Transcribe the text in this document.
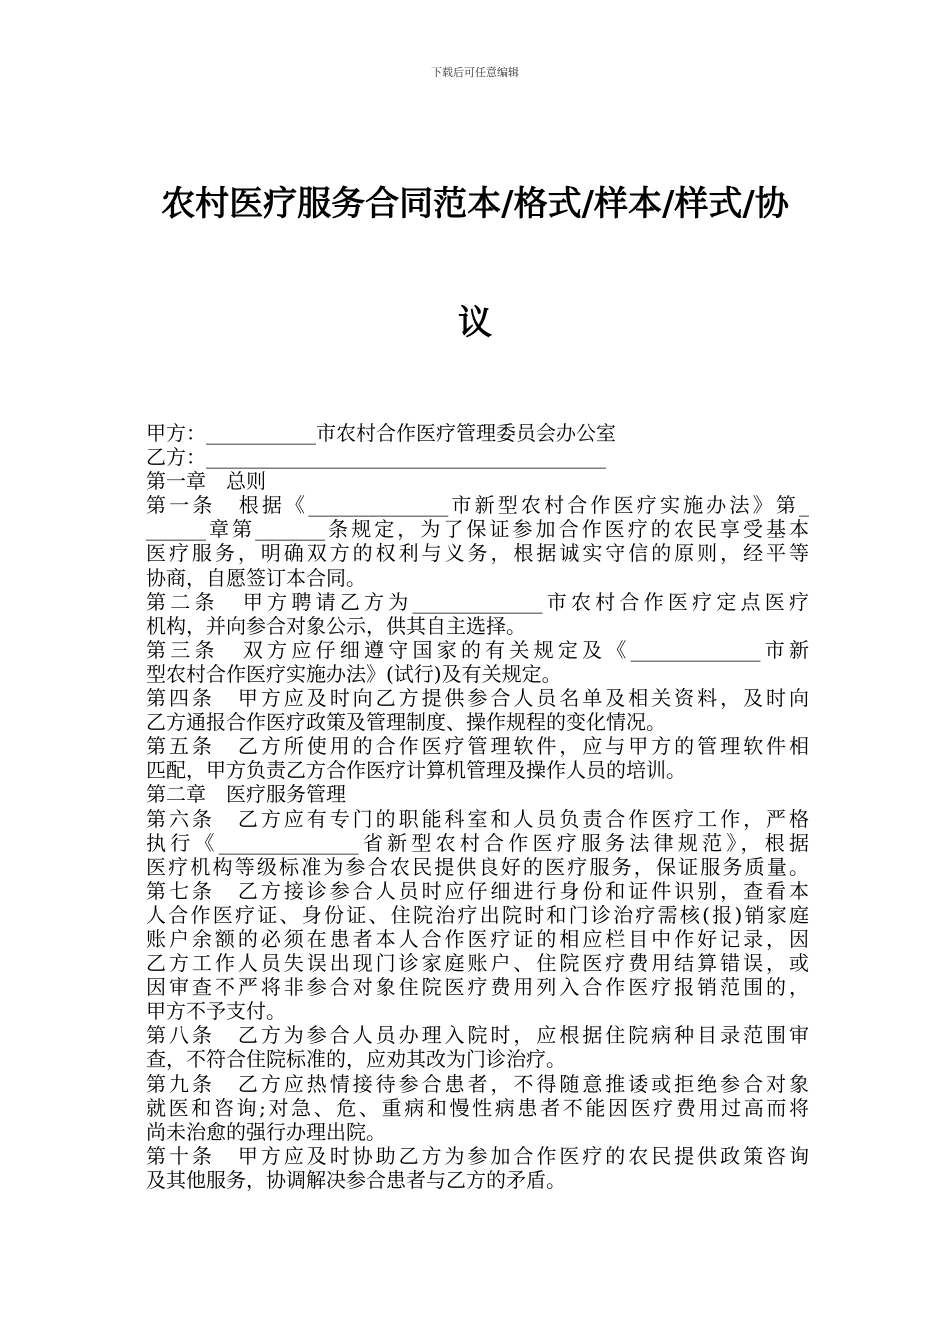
下载后可任意编辑
农村医疗服务合同范本/格式/样本/样式/协
议
甲方：___________市农村合作医疗管理委员会办公室
乙方：________________________________________
第一章　总则
第一条　根据《______________市新型农村合作医疗实施办法》第_
______章第_______条规定，为了保证参加合作医疗的农民享受基本
医疗服务，明确双方的权利与义务，根据诚实守信的原则，经平等
协商，自愿签订本合同。
第二条　甲方聘请乙方为_____________市农村合作医疗定点医疗
机构，并向参合对象公示，供其自主选择。
第三条　双方应仔细遵守国家的有关规定及《_____________市新
型农村合作医疗实施办法》(试行)及有关规定。
第四条　甲方应及时向乙方提供参合人员名单及相关资料，及时向
乙方通报合作医疗政策及管理制度、操作规程的变化情况。
第五条　乙方所使用的合作医疗管理软件，应与甲方的管理软件相
匹配，甲方负责乙方合作医疗计算机管理及操作人员的培训。
第二章　医疗服务管理
第六条　乙方应有专门的职能科室和人员负责合作医疗工作，严格
执行《______________省新型农村合作医疗服务法律规范》，根据
医疗机构等级标准为参合农民提供良好的医疗服务，保证服务质量。
第七条　乙方接诊参合人员时应仔细进行身份和证件识别，查看本
人合作医疗证、身份证、住院治疗出院时和门诊治疗需核(报)销家庭
账户余额的必须在患者本人合作医疗证的相应栏目中作好记录，因
乙方工作人员失误出现门诊家庭账户、住院医疗费用结算错误，或
因审查不严将非参合对象住院医疗费用列入合作医疗报销范围的，
甲方不予支付。
第八条　乙方为参合人员办理入院时，应根据住院病种目录范围审
查，不符合住院标准的，应劝其改为门诊治疗。
第九条　乙方应热情接待参合患者，不得随意推诿或拒绝参合对象
就医和咨询;对急、危、重病和慢性病患者不能因医疗费用过高而将
尚未治愈的强行办理出院。
第十条　甲方应及时协助乙方为参加合作医疗的农民提供政策咨询
及其他服务，协调解决参合患者与乙方的矛盾。
